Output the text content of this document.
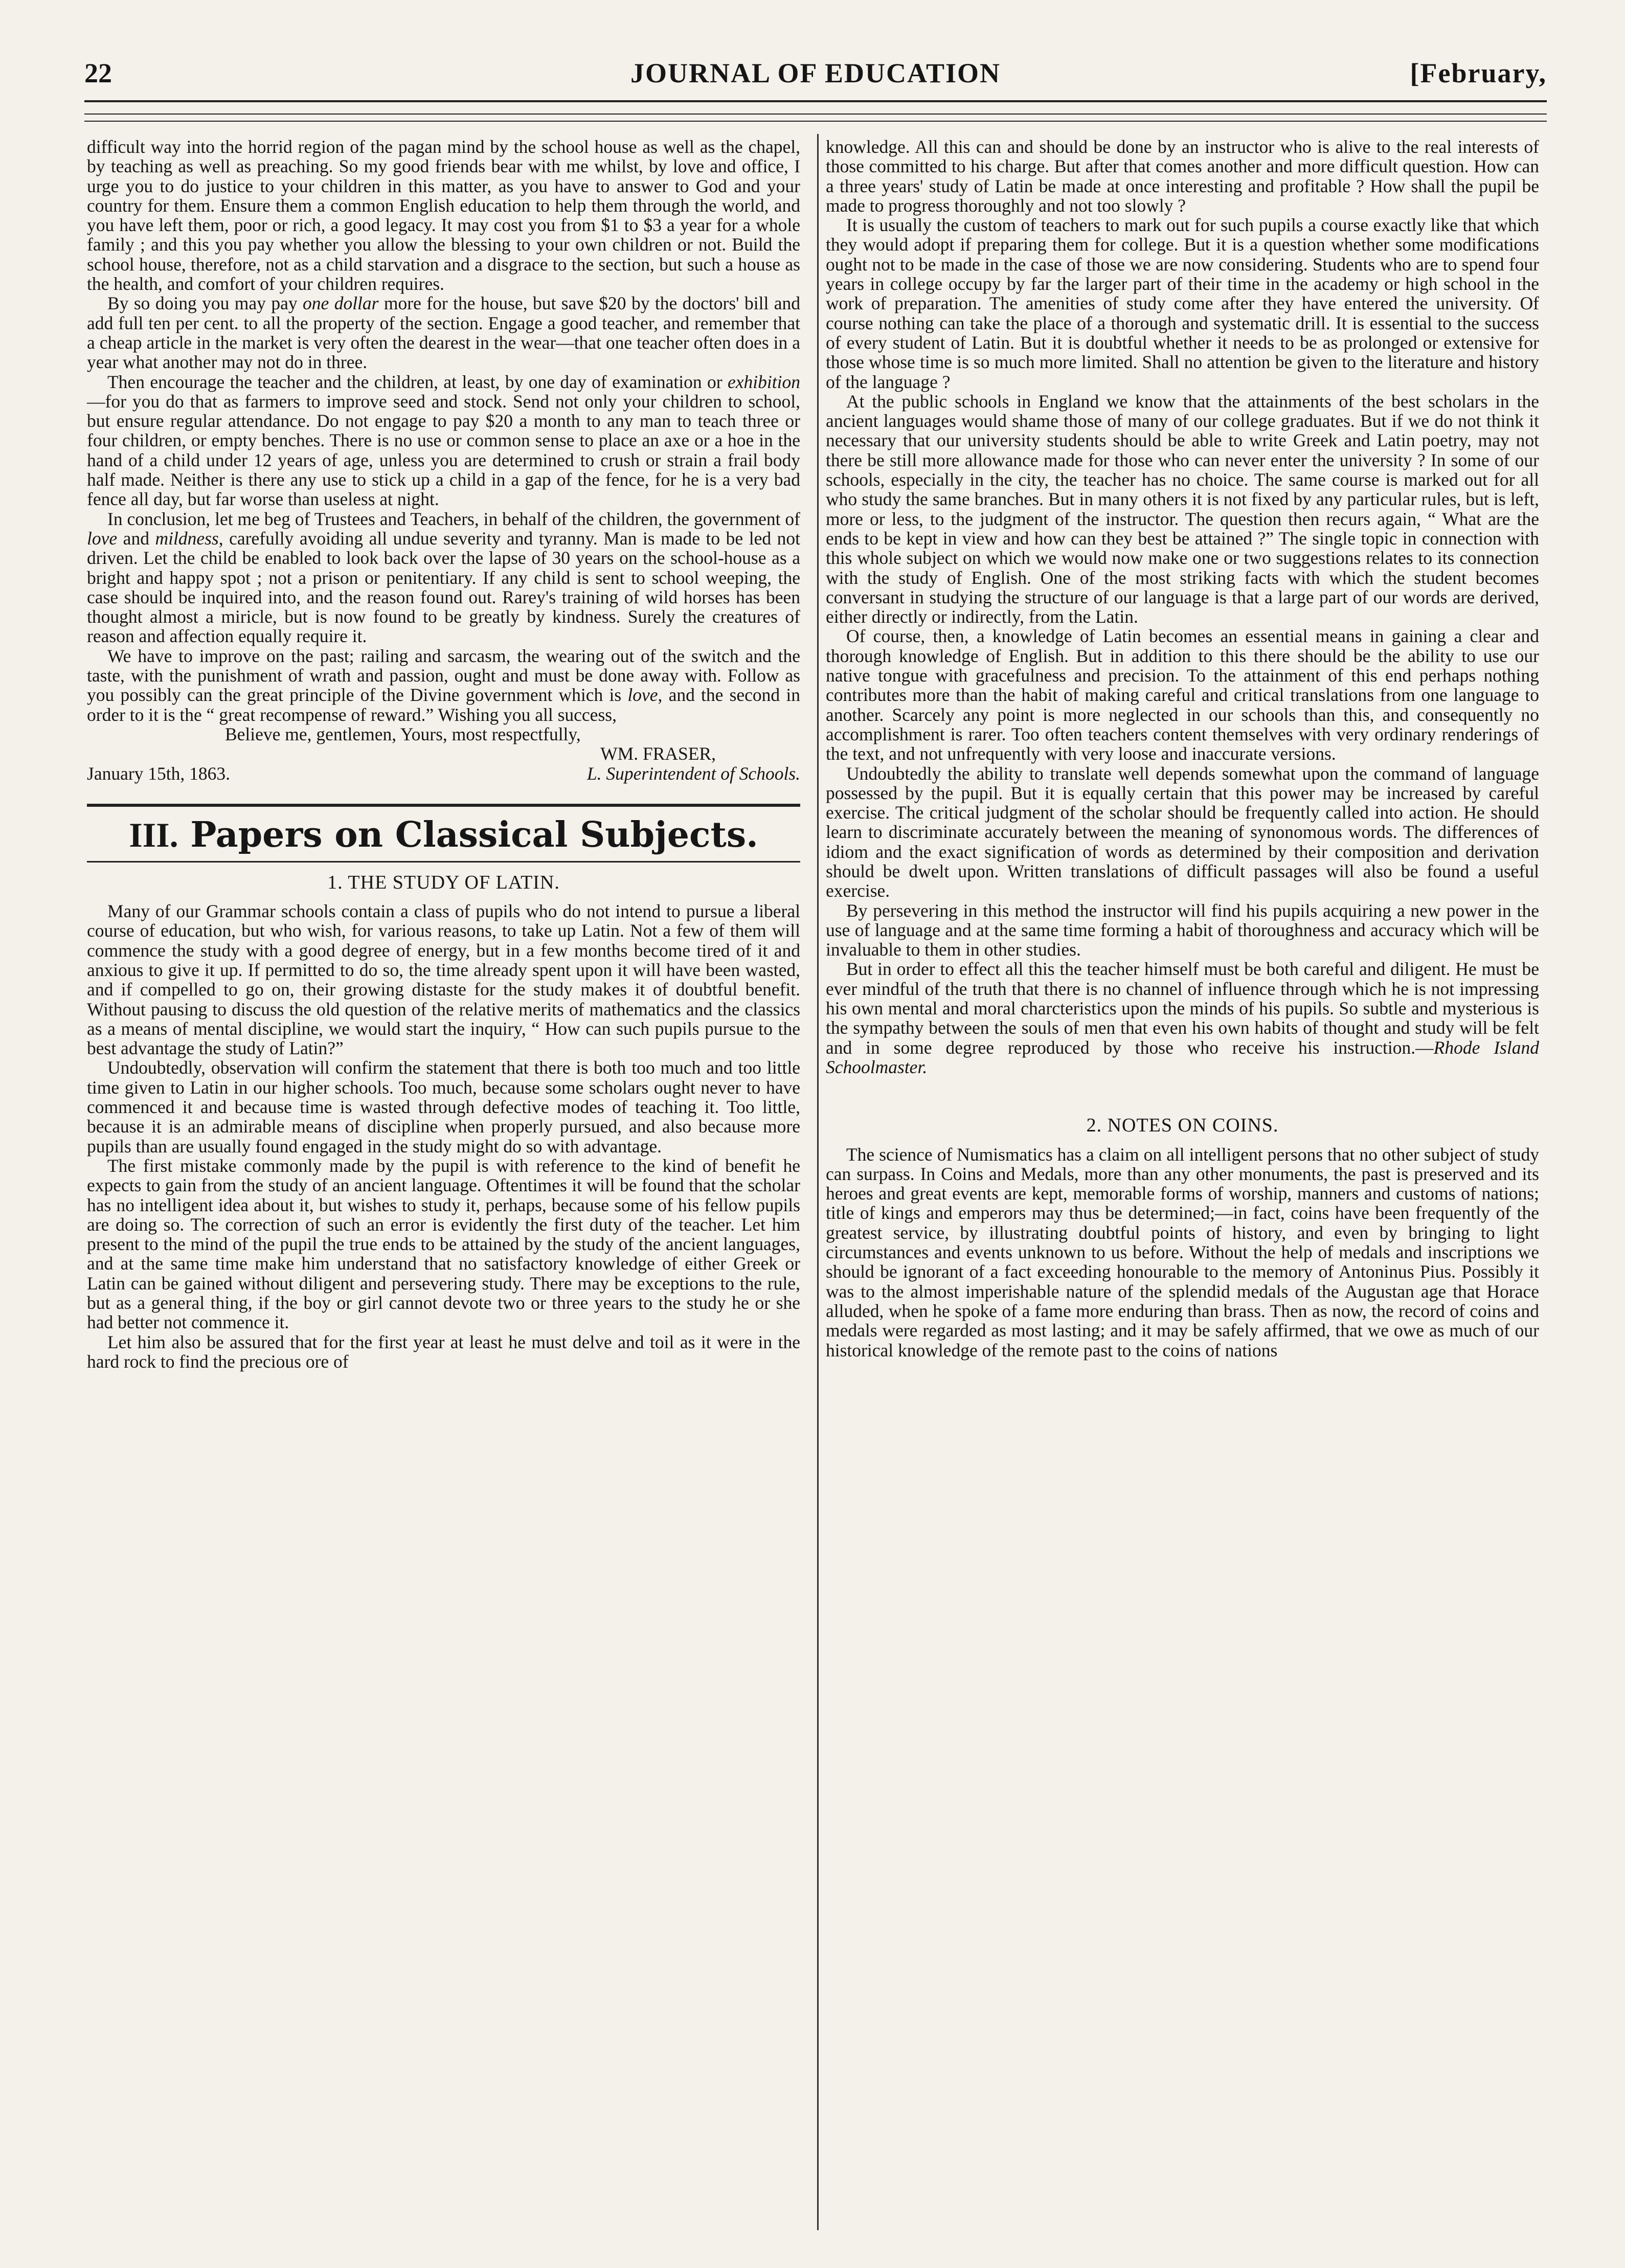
22	JOURNAL OF EDUCATION	[February,

difficult way into the horrid region of the pagan mind by the school house as well as the chapel, by teaching as well as preaching. So my good friends bear with me whilst, by love and office, I urge you to do justice to your children in this matter, as you have to answer to God and your country for them. Ensure them a common English education to help them through the world, and you have left them, poor or rich, a good legacy. It may cost you from $1 to $3 a year for a whole family ; and this you pay whether you allow the blessing to your own children or not. Build the school house, therefore, not as a child starvation and a disgrace to the section, but such a house as the health, and comfort of your children requires.

By so doing you may pay one dollar more for the house, but save $20 by the doctors' bill and add full ten per cent. to all the property of the section. Engage a good teacher, and remember that a cheap article in the market is very often the dearest in the wear—that one teacher often does in a year what another may not do in three.

Then encourage the teacher and the children, at least, by one day of examination or exhibition—for you do that as farmers to improve seed and stock. Send not only your children to school, but ensure regular attendance. Do not engage to pay $20 a month to any man to teach three or four children, or empty benches. There is no use or common sense to place an axe or a hoe in the hand of a child under 12 years of age, unless you are determined to crush or strain a frail body half made. Neither is there any use to stick up a child in a gap of the fence, for he is a very bad fence all day, but far worse than useless at night.

In conclusion, let me beg of Trustees and Teachers, in behalf of the children, the government of love and mildness, carefully avoiding all undue severity and tyranny. Man is made to be led not driven. Let the child be enabled to look back over the lapse of 30 years on the school-house as a bright and happy spot ; not a prison or penitentiary. If any child is sent to school weeping, the case should be inquired into, and the reason found out. Rarey's training of wild horses has been thought almost a miricle, but is now found to be greatly by kindness. Surely the creatures of reason and affection equally require it.

We have to improve on the past; railing and sarcasm, the wearing out of the switch and the taste, with the punishment of wrath and passion, ought and must be done away with. Follow as you possibly can the great principle of the Divine government which is love, and the second in order to it is the “ great recompense of reward.” Wishing you all success,

Believe me, gentlemen, Yours, most respectfully,

WM. FRASER,

January 15th, 1863.	L. Superintendent of Schools.
III. Papers on Classical Subjects.
1. THE STUDY OF LATIN.

Many of our Grammar schools contain a class of pupils who do not intend to pursue a liberal course of education, but who wish, for various reasons, to take up Latin. Not a few of them will commence the study with a good degree of energy, but in a few months become tired of it and anxious to give it up. If permitted to do so, the time already spent upon it will have been wasted, and if compelled to go on, their growing distaste for the study makes it of doubtful benefit. Without pausing to discuss the old question of the relative merits of mathematics and the classics as a means of mental discipline, we would start the inquiry, “ How can such pupils pursue to the best advantage the study of Latin?”

Undoubtedly, observation will confirm the statement that there is both too much and too little time given to Latin in our higher schools. Too much, because some scholars ought never to have commenced it and because time is wasted through defective modes of teaching it. Too little, because it is an admirable means of discipline when properly pursued, and also because more pupils than are usually found engaged in the study might do so with advantage.

The first mistake commonly made by the pupil is with reference to the kind of benefit he expects to gain from the study of an ancient language. Oftentimes it will be found that the scholar has no intelligent idea about it, but wishes to study it, perhaps, because some of his fellow pupils are doing so. The correction of such an error is evidently the first duty of the teacher. Let him present to the mind of the pupil the true ends to be attained by the study of the ancient languages, and at the same time make him understand that no satisfactory knowledge of either Greek or Latin can be gained without diligent and persevering study. There may be exceptions to the rule, but as a general thing, if the boy or girl cannot devote two or three years to the study he or she had better not commence it.

Let him also be assured that for the first year at least he must delve and toil as it were in the hard rock to find the precious ore of

knowledge. All this can and should be done by an instructor who is alive to the real interests of those committed to his charge. But after that comes another and more difficult question. How can a three years' study of Latin be made at once interesting and profitable ? How shall the pupil be made to progress thoroughly and not too slowly ?

It is usually the custom of teachers to mark out for such pupils a course exactly like that which they would adopt if preparing them for college. But it is a question whether some modifications ought not to be made in the case of those we are now considering. Students who are to spend four years in college occupy by far the larger part of their time in the academy or high school in the work of preparation. The amenities of study come after they have entered the university. Of course nothing can take the place of a thorough and systematic drill. It is essential to the success of every student of Latin. But it is doubtful whether it needs to be as prolonged or extensive for those whose time is so much more limited. Shall no attention be given to the literature and history of the language ?

At the public schools in England we know that the attainments of the best scholars in the ancient languages would shame those of many of our college graduates. But if we do not think it necessary that our university students should be able to write Greek and Latin poetry, may not there be still more allowance made for those who can never enter the university ? In some of our schools, especially in the city, the teacher has no choice. The same course is marked out for all who study the same branches. But in many others it is not fixed by any particular rules, but is left, more or less, to the judgment of the instructor. The question then recurs again, “ What are the ends to be kept in view and how can they best be attained ?” The single topic in connection with this whole subject on which we would now make one or two suggestions relates to its connection with the study of English. One of the most striking facts with which the student becomes conversant in studying the structure of our language is that a large part of our words are derived, either directly or indirectly, from the Latin.

Of course, then, a knowledge of Latin becomes an essential means in gaining a clear and thorough knowledge of English. But in addition to this there should be the ability to use our native tongue with gracefulness and precision. To the attainment of this end perhaps nothing contributes more than the habit of making careful and critical translations from one language to another. Scarcely any point is more neglected in our schools than this, and consequently no accomplishment is rarer. Too often teachers content themselves with very ordinary renderings of the text, and not unfrequently with very loose and inaccurate versions.

Undoubtedly the ability to translate well depends somewhat upon the command of language possessed by the pupil. But it is equally certain that this power may be increased by careful exercise. The critical judgment of the scholar should be frequently called into action. He should learn to discriminate accurately between the meaning of synonomous words. The differences of idiom and the exact signification of words as determined by their composition and derivation should be dwelt upon. Written translations of difficult passages will also be found a useful exercise.

By persevering in this method the instructor will find his pupils acquiring a new power in the use of language and at the same time forming a habit of thoroughness and accuracy which will be invaluable to them in other studies.

But in order to effect all this the teacher himself must be both careful and diligent. He must be ever mindful of the truth that there is no channel of influence through which he is not impressing his own mental and moral charcteristics upon the minds of his pupils. So subtle and mysterious is the sympathy between the souls of men that even his own habits of thought and study will be felt and in some degree reproduced by those who receive his instruction.—Rhode Island Schoolmaster.

2. NOTES ON COINS.

The science of Numismatics has a claim on all intelligent persons that no other subject of study can surpass. In Coins and Medals, more than any other monuments, the past is preserved and its heroes and great events are kept, memorable forms of worship, manners and customs of nations; title of kings and emperors may thus be determined;—in fact, coins have been frequently of the greatest service, by illustrating doubtful points of history, and even by bringing to light circumstances and events unknown to us before. Without the help of medals and inscriptions we should be ignorant of a fact exceeding honourable to the memory of Antoninus Pius. Possibly it was to the almost imperishable nature of the splendid medals of the Augustan age that Horace alluded, when he spoke of a fame more enduring than brass. Then as now, the record of coins and medals were regarded as most lasting; and it may be safely affirmed, that we owe as much of our historical knowledge of the remote past to the coins of nations
